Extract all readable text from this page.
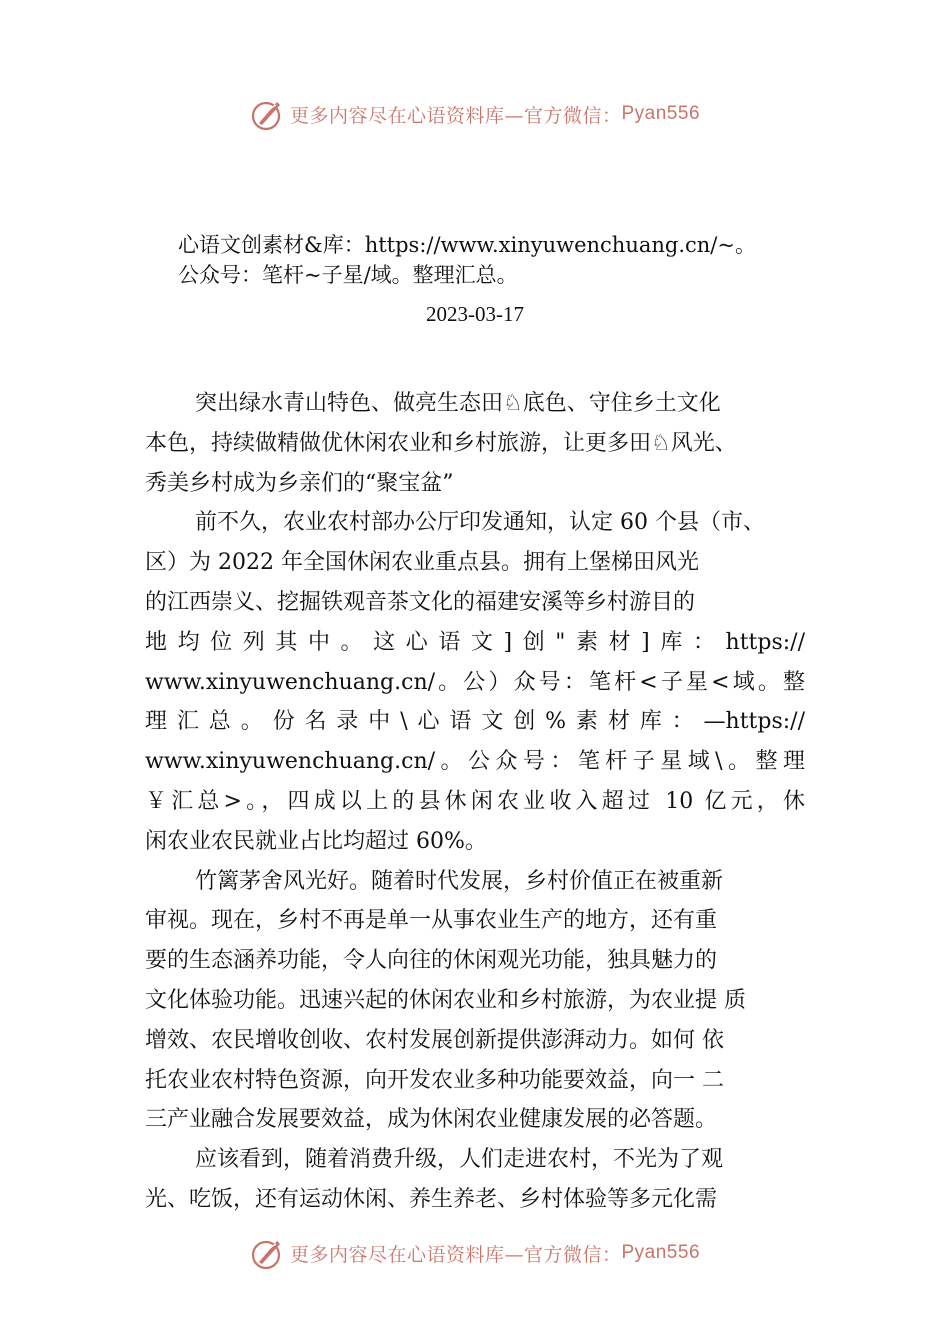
更多内容尽在心语资料库—官方微信： Pyan556
心语文创素材&库：https://www.xinyuwenchuang.cn/~。
公众号：笔杆~子星/域。整理汇总。
2023-03-17
突出绿水青山特色、做亮生态田♘底色、守住乡土文化
本色，持续做精做优休闲农业和乡村旅游，让更多田♘风光、
秀美乡村成为乡亲们的“聚宝盆”
前不久，农业农村部办公厅印发通知，认定 60 个县（市、
区）为 2022 年全国休闲农业重点县。拥有上堡梯田风光
的江西崇义、挖掘铁观音茶文化的福建安溪等乡村游目的
地均位列其中。这心语文]创"素材]库：https://
www.xinyuwenchuang.cn/。公）众号：笔杆<子星<域。整
理汇总。份名录中\心语文创%素材库：—https://
www.xinyuwenchuang.cn/。公众号：笔杆子星域\。整理
￥汇总>。，四成以上的县休闲农业收入超过 10 亿元，休
闲农业农民就业占比均超过 60%。
竹篱茅舍风光好。随着时代发展，乡村价值正在被重新
审视。现在，乡村不再是单一从事农业生产的地方，还有重
要的生态涵养功能，令人向往的休闲观光功能，独具魅力的
文化体验功能。迅速兴起的休闲农业和乡村旅游，为农业提 质
增效、农民增收创收、农村发展创新提供澎湃动力。如何 依
托农业农村特色资源，向开发农业多种功能要效益，向一 二
三产业融合发展要效益，成为休闲农业健康发展的必答题。
应该看到，随着消费升级，人们走进农村，不光为了观
光、吃饭，还有运动休闲、养生养老、乡村体验等多元化需
更多内容尽在心语资料库—官方微信： Pyan556
